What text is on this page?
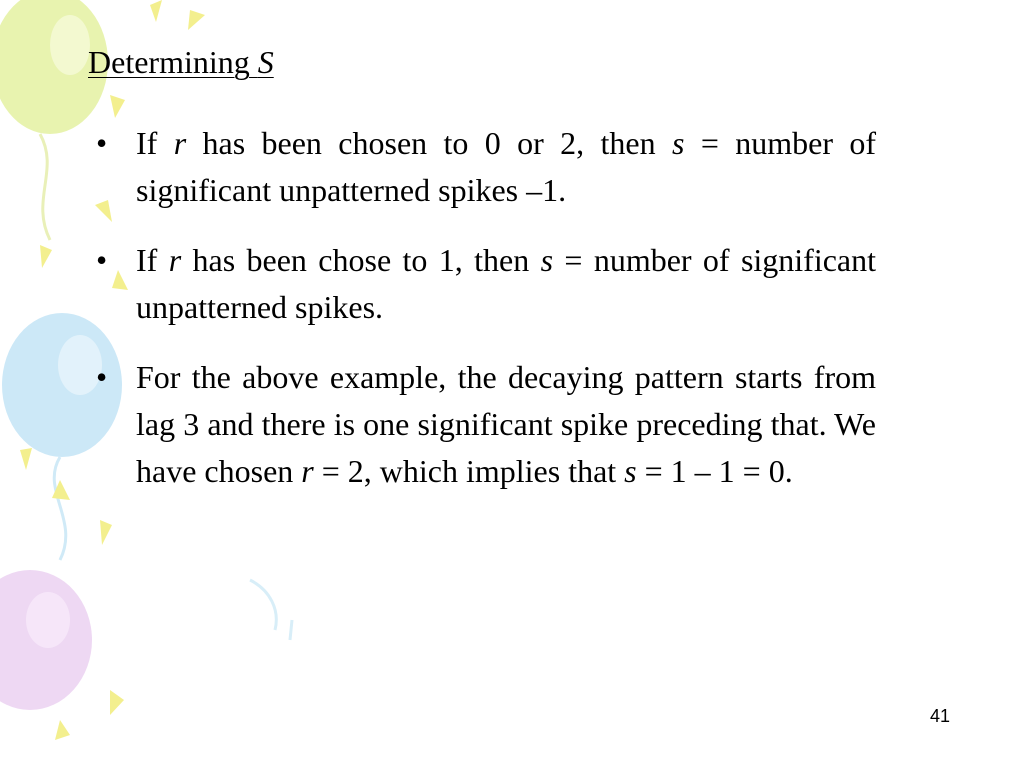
Determining S
• If r has been chosen to 0 or 2, then s = number of significant unpatterned spikes –1.
• If r has been chose to 1, then s = number of significant unpatterned spikes.
• For the above example, the decaying pattern starts from lag 3 and there is one significant spike preceding that. We have chosen r = 2, which implies that s = 1 – 1 = 0.
41
